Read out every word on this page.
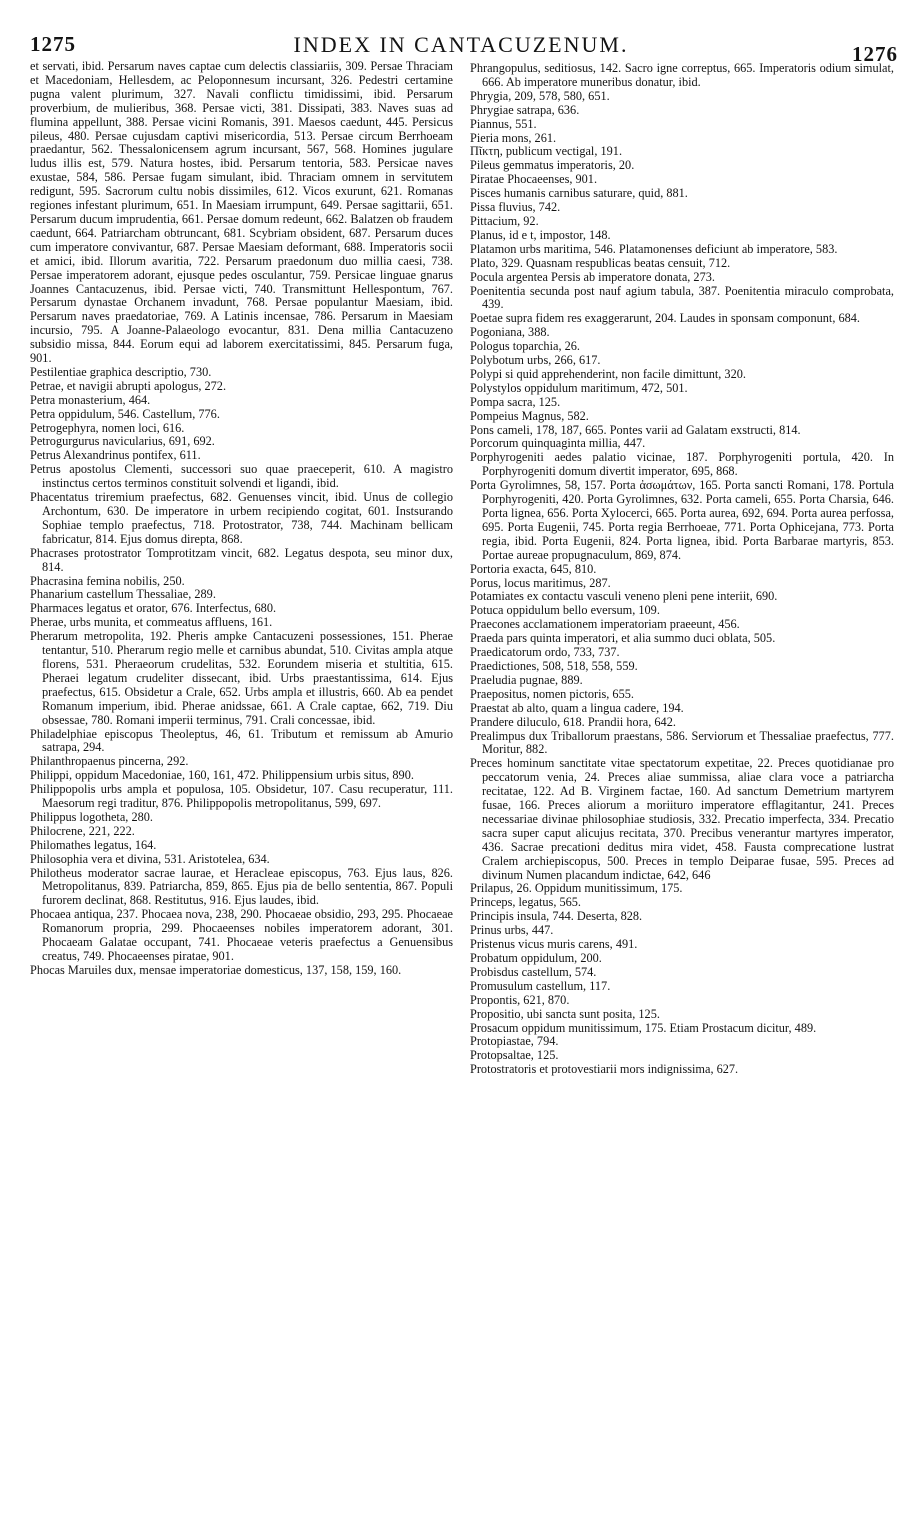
1275	INDEX IN CANTACUZENUM.	1276

et servati, ibid. Persarum naves captae cum delectis classiariis, 309. Persae Thraciam et Macedoniam, Hellesdem, ac Peloponnesum incursant, 326. Pedestri certamine pugna valent plurimum, 327. Navali conflictu timidissimi, ibid. Persarum proverbium, de mulieribus, 368. Persae victi, 381. Dissipati, 383. Naves suas ad flumina appellunt, 388. Persae vicini Romanis, 391. Maesos caedunt, 445. Persicus pileus, 480. Persae cujusdam captivi misericordia, 513. Persae circum Berrhoeam praedantur, 562. Thessalonicensem agrum incursant, 567, 568. Homines jugulare ludus illis est, 579. Natura hostes, ibid. Persarum tentoria, 583. Persicae naves exustae, 584, 586. Persae fugam simulant, ibid. Thraciam omnem in servitutem redigunt, 595. Sacrorum cultu nobis dissimiles, 612. Vicos exurunt, 621. Romanas regiones infestant plurimum, 651. In Maesiam irrumpunt, 649. Persae sagittarii, 651. Persarum ducum imprudentia, 661. Persae domum redeunt, 662. Balatzen ob fraudem caedunt, 664. Patriarcham obtruncant, 681. Scybriam obsident, 687. Persarum duces cum imperatore convivantur, 687. Persae Maesiam deformant, 688. Imperatoris socii et amici, ibid. Illorum avaritia, 722. Persarum praedonum duo millia caesi, 738. Persae imperatorem adorant, ejusque pedes osculantur, 759. Persicae linguae gnarus Joannes Cantacuzenus, ibid. Persae victi, 740. Transmittunt Hellespontum, 767. Persarum dynastae Orchanem invadunt, 768. Persae populantur Maesiam, ibid. Persarum naves praedatoriae, 769. A Latinis incensae, 786. Persarum in Maesiam incursio, 795. A Joanne-Palaeologo evocantur, 831. Dena millia Cantacuzeno subsidio missa, 844. Eorum equi ad laborem exercitatissimi, 845. Persarum fuga, 901.

Pestilentiae graphica descriptio, 730.

Petrae, et navigii abrupti apologus, 272.

Petra monasterium, 464.

Petra oppidulum, 546. Castellum, 776.

Petrogephyra, nomen loci, 616.

Petrogurgurus navicularius, 691, 692.

Petrus Alexandrinus pontifex, 611.

Petrus apostolus Clementi, successori suo quae praeceperit, 610. A magistro instinctus certos terminos constituit solvendi et ligandi, ibid.

Phacentatus triremium praefectus, 682. Genuenses vincit, ibid. Unus de collegio Archontum, 630. De imperatore in urbem recipiendo cogitat, 601. Instsurando Sophiae templo praefectus, 718. Protostrator, 738, 744. Machinam bellicam fabricatur, 814. Ejus domus direpta, 868.

Phacrases protostrator Tomprotitzam vincit, 682. Legatus despota, seu minor dux, 814.

Phacrasina femina nobilis, 250.

Phanarium castellum Thessaliae, 289.

Pharmaces legatus et orator, 676. Interfectus, 680.

Pherae, urbs munita, et commeatus affluens, 161.

Pherarum metropolita, 192. Pheris ampke Cantacuzeni possessiones, 151. Pherae tentantur, 510. Pherarum regio melle et carnibus abundat, 510. Civitas ampla atque florens, 531. Pheraeorum crudelitas, 532. Eorundem miseria et stultitia, 615. Pheraei legatum crudeliter dissecant, ibid. Urbs praestantissima, 614. Ejus praefectus, 615. Obsidetur a Crale, 652. Urbs ampla et illustris, 660. Ab ea pendet Romanum imperium, ibid. Pherae anidssae, 661. A Crale captae, 662, 719. Diu obsessae, 780. Romani imperii terminus, 791. Crali concessae, ibid.

Philadelphiae episcopus Theoleptus, 46, 61. Tributum et remissum ab Amurio satrapa, 294.

Philanthropaenus pincerna, 292.

Philippi, oppidum Macedoniae, 160, 161, 472. Philippensium urbis situs, 890.

Philippopolis urbs ampla et populosa, 105. Obsidetur, 107. Casu recuperatur, 111. Maesorum regi traditur, 876. Philippopolis metropolitanus, 599, 697.

Philippus logotheta, 280.

Philocrene, 221, 222.

Philomathes legatus, 164.

Philosophia vera et divina, 531. Aristotelea, 634.

Philotheus moderator sacrae laurae, et Heracleae episcopus, 763. Ejus laus, 826. Metropolitanus, 839. Patriarcha, 859, 865. Ejus pia de bello sententia, 867. Populi furorem declinat, 868. Restitutus, 916. Ejus laudes, ibid.

Phocaea antiqua, 237. Phocaea nova, 238, 290. Phocaeae obsidio, 293, 295. Phocaeae Romanorum propria, 299. Phocaeenses nobiles imperatorem adorant, 301. Phocaeam Galatae occupant, 741. Phocaeae veteris praefectus a Genuensibus creatus, 749. Phocaeenses piratae, 901.

Phocas Maruiles dux, mensae imperatoriae domesticus, 137, 158, 159, 160.

Phrangopulus, seditiosus, 142. Sacro igne correptus, 665. Imperatoris odium simulat, 666. Ab imperatore muneribus donatur, ibid.

Phrygia, 209, 578, 580, 651.

Phrygiae satrapa, 636.

Piannus, 551.

Pieria mons, 261.

Πῖκτη, publicum vectigal, 191.

Pileus gemmatus imperatoris, 20.

Piratae Phocaeenses, 901.

Pisces humanis carnibus saturare, quid, 881.

Pissa fluvius, 742.

Pittacium, 92.

Planus, id e t, impostor, 148.

Platamon urbs maritima, 546. Platamonenses deficiunt ab imperatore, 583.

Plato, 329. Quasnam respublicas beatas censuit, 712.

Pocula argentea Persis ab imperatore donata, 273.

Poenitentia secunda post nauf agium tabula, 387. Poenitentia miraculo comprobata, 439.

Poetae supra fidem res exaggerarunt, 204. Laudes in sponsam componunt, 684.

Pogoniana, 388.

Pologus toparchia, 26.

Polybotum urbs, 266, 617.

Polypi si quid apprehenderint, non facile dimittunt, 320.

Polystylos oppidulum maritimum, 472, 501.

Pompa sacra, 125.

Pompeius Magnus, 582.

Pons cameli, 178, 187, 665. Pontes varii ad Galatam exstructi, 814.

Porcorum quinquaginta millia, 447.

Porphyrogeniti aedes palatio vicinae, 187. Porphyrogeniti portula, 420. In Porphyrogeniti domum divertit imperator, 695, 868.

Porta Gyrolimnes, 58, 157. Porta ἀσωμάτων, 165. Porta sancti Romani, 178. Portula Porphyrogeniti, 420. Porta Gyrolimnes, 632. Porta cameli, 655. Porta Charsia, 646. Porta lignea, 656. Porta Xylocerci, 665. Porta aurea, 692, 694. Porta aurea perfossa, 695. Porta Eugenii, 745. Porta regia Berrhoeae, 771. Porta Ophicejana, 773. Porta regia, ibid. Porta Eugenii, 824. Porta lignea, ibid. Porta Barbarae martyris, 853. Portae aureae propugnaculum, 869, 874.

Portoria exacta, 645, 810.

Porus, locus maritimus, 287.

Potamiates ex contactu vasculi veneno pleni pene interiit, 690.

Potuca oppidulum bello eversum, 109.

Praecones acclamationem imperatoriam praeeunt, 456.

Praeda pars quinta imperatori, et alia summo duci oblata, 505.

Praedicatorum ordo, 733, 737.

Praedictiones, 508, 518, 558, 559.

Praeludia pugnae, 889.

Praepositus, nomen pictoris, 655.

Praestat ab alto, quam a lingua cadere, 194.

Prandere diluculo, 618. Prandii hora, 642.

Prealimpus dux Triballorum praestans, 586. Serviorum et Thessaliae praefectus, 777. Moritur, 882.

Preces hominum sanctitate vitae spectatorum expetitae, 22. Preces quotidianae pro peccatorum venia, 24. Preces aliae summissa, aliae clara voce a patriarcha recitatae, 122. Ad B. Virginem factae, 160. Ad sanctum Demetrium martyrem fusae, 166. Preces aliorum a moriituro imperatore efflagitantur, 241. Preces necessariae divinae philosophiae studiosis, 332. Precatio imperfecta, 334. Precatio sacra super caput alicujus recitata, 370. Precibus venerantur martyres imperator, 436. Sacrae precationi deditus mira videt, 458. Fausta comprecatione lustrat Cralem archiepiscopus, 500. Preces in templo Deiparae fusae, 595. Preces ad divinum Numen placandum indictae, 642, 646

Prilapus, 26. Oppidum munitissimum, 175.

Princeps, legatus, 565.

Principis insula, 744. Deserta, 828.

Prinus urbs, 447.

Pristenus vicus muris carens, 491.

Probatum oppidulum, 200.

Probisdus castellum, 574.

Promusulum castellum, 117.

Propontis, 621, 870.

Propositio, ubi sancta sunt posita, 125.

Prosacum oppidum munitissimum, 175. Etiam Prostacum dicitur, 489.

Protopiastae, 794.

Protopsaltae, 125.

Protostratoris et protovestiarii mors indignissima, 627.
